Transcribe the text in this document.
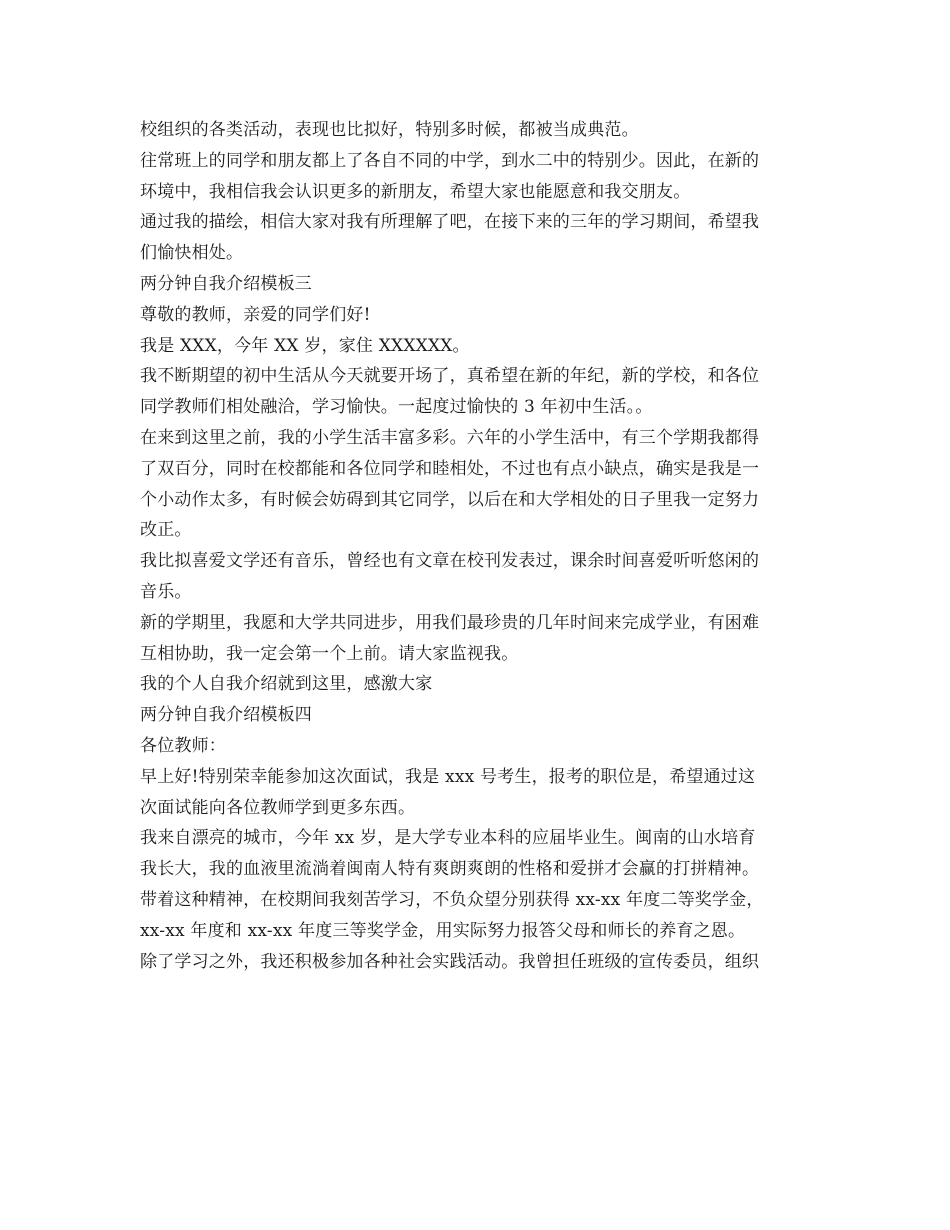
校组织的各类活动，表现也比拟好，特别多时候，都被当成典范。
往常班上的同学和朋友都上了各自不同的中学，到水二中的特别少。因此，在新的
环境中，我相信我会认识更多的新朋友，希望大家也能愿意和我交朋友。
通过我的描绘，相信大家对我有所理解了吧，在接下来的三年的学习期间，希望我
们愉快相处。
两分钟自我介绍模板三
尊敬的教师，亲爱的同学们好!
我是 XXX，今年 XX 岁，家住 XXXXXX。
我不断期望的初中生活从今天就要开场了，真希望在新的年纪，新的学校，和各位
同学教师们相处融洽，学习愉快。一起度过愉快的 3 年初中生活。。
在来到这里之前，我的小学生活丰富多彩。六年的小学生活中，有三个学期我都得
了双百分，同时在校都能和各位同学和睦相处，不过也有点小缺点，确实是我是一
个小动作太多，有时候会妨碍到其它同学，以后在和大学相处的日子里我一定努力
改正。
我比拟喜爱文学还有音乐，曾经也有文章在校刊发表过，课余时间喜爱听听悠闲的
音乐。
新的学期里，我愿和大学共同进步，用我们最珍贵的几年时间来完成学业，有困难
互相协助，我一定会第一个上前。请大家监视我。
我的个人自我介绍就到这里，感激大家
两分钟自我介绍模板四
各位教师：
早上好!特别荣幸能参加这次面试，我是 xxx 号考生，报考的职位是，希望通过这
次面试能向各位教师学到更多东西。
我来自漂亮的城市，今年 xx 岁，是大学专业本科的应届毕业生。闽南的山水培育
我长大，我的血液里流淌着闽南人特有爽朗爽朗的性格和爱拼才会赢的打拼精神。
带着这种精神，在校期间我刻苦学习，不负众望分别获得 xx-xx 年度二等奖学金，
xx-xx 年度和 xx-xx 年度三等奖学金，用实际努力报答父母和师长的养育之恩。
除了学习之外，我还积极参加各种社会实践活动。我曾担任班级的宣传委员，组织
